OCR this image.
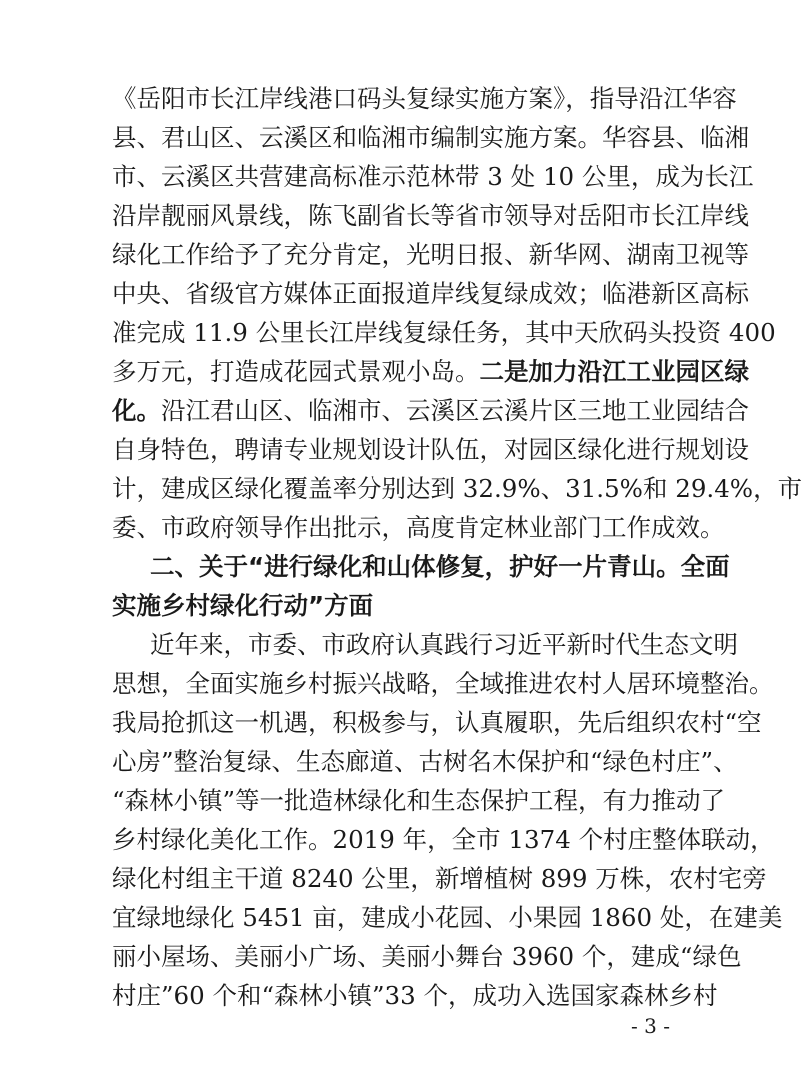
《岳阳市长江岸线港口码头复绿实施方案》，指导沿江华容
县、君山区、云溪区和临湘市编制实施方案。华容县、临湘
市、云溪区共营建高标准示范林带 3 处 10 公里，成为长江
沿岸靓丽风景线，陈飞副省长等省市领导对岳阳市长江岸线
绿化工作给予了充分肯定，光明日报、新华网、湖南卫视等
中央、省级官方媒体正面报道岸线复绿成效；临港新区高标
准完成 11.9 公里长江岸线复绿任务，其中天欣码头投资 400
多万元，打造成花园式景观小岛。二是加力沿江工业园区绿
化。沿江君山区、临湘市、云溪区云溪片区三地工业园结合
自身特色，聘请专业规划设计队伍，对园区绿化进行规划设
计，建成区绿化覆盖率分别达到 32.9%、31.5%和 29.4%，市
委、市政府领导作出批示，高度肯定林业部门工作成效。
二、关于“进行绿化和山体修复，护好一片青山。全面
实施乡村绿化行动”方面
近年来，市委、市政府认真践行习近平新时代生态文明
思想，全面实施乡村振兴战略，全域推进农村人居环境整治。
我局抢抓这一机遇，积极参与，认真履职，先后组织农村“空
心房”整治复绿、生态廊道、古树名木保护和“绿色村庄”、
“森林小镇”等一批造林绿化和生态保护工程，有力推动了
乡村绿化美化工作。2019 年，全市 1374 个村庄整体联动，
绿化村组主干道 8240 公里，新增植树 899 万株，农村宅旁
宜绿地绿化 5451 亩，建成小花园、小果园 1860 处，在建美
丽小屋场、美丽小广场、美丽小舞台 3960 个，建成“绿色
村庄”60 个和“森林小镇”33 个，成功入选国家森林乡村
- 3 -
